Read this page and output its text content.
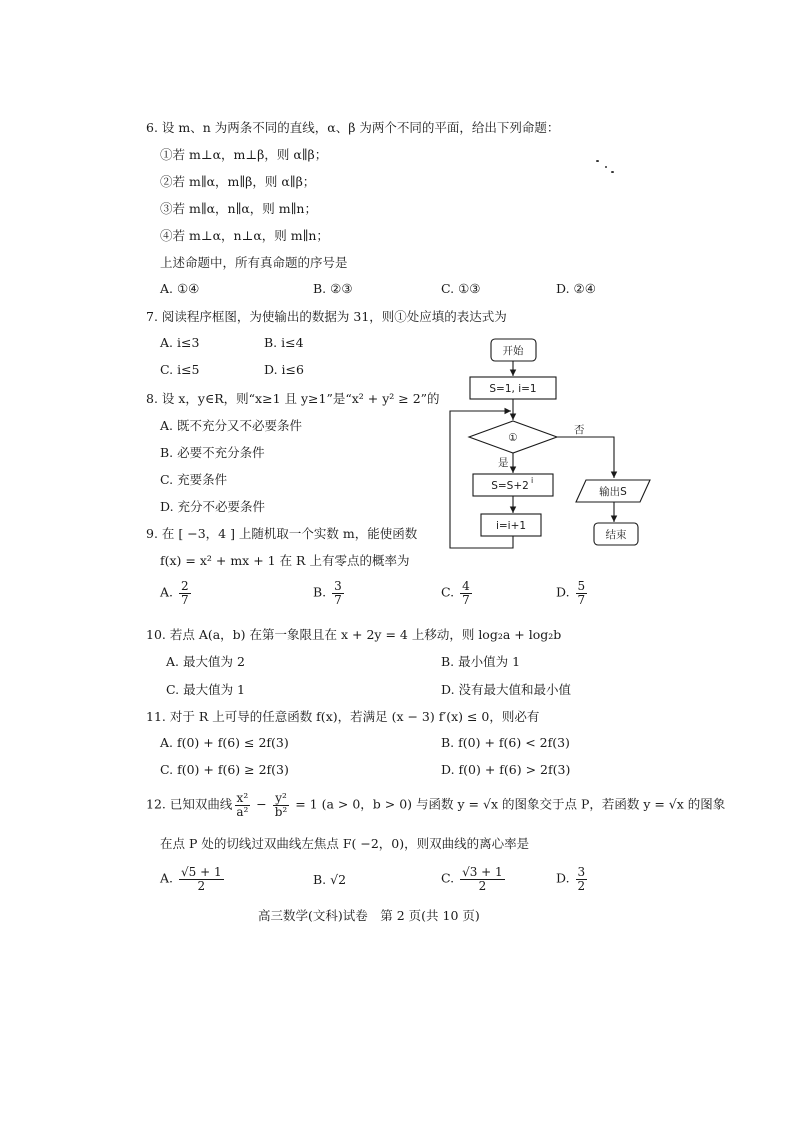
6. 设 m、n 为两条不同的直线，α、β 为两个不同的平面，给出下列命题：
①若 m⊥α，m⊥β，则 α∥β；
②若 m∥α，m∥β，则 α∥β；
③若 m∥α，n∥α，则 m∥n；
④若 m⊥α，n⊥α，则 m∥n；
上述命题中，所有真命题的序号是
A. ①④	B. ②③	C. ①③	D. ②④
7. 阅读程序框图，为使输出的数据为 31，则①处应填的表达式为
A. i≤3	B. i≤4
C. i≤5	D. i≤6
8. 设 x，y∈R，则“x≥1 且 y≥1”是“x² + y² ≥ 2”的
A. 既不充分又不必要条件
B. 必要不充分条件
C. 充要条件
D. 充分不必要条件
9. 在 [ −3，4 ] 上随机取一个实数 m，能使函数
f(x) = x² + mx + 1 在 R 上有零点的概率为
A. $\frac{2}{7}$	B. $\frac{3}{7}$	C. $\frac{4}{7}$	D. $\frac{5}{7}$
10. 若点 A(a，b) 在第一象限且在 x + 2y = 4 上移动，则 log₂a + log₂b
A. 最大值为 2	B. 最小值为 1
C. 最大值为 1	D. 没有最大值和最小值
11. 对于 R 上可导的任意函数 f(x)，若满足 (x − 3) f′(x) ≤ 0，则必有
A. f(0) + f(6) ≤ 2f(3)	B. f(0) + f(6) < 2f(3)
C. f(0) + f(6) ≥ 2f(3)	D. f(0) + f(6) > 2f(3)
12. 已知双曲线 $\frac{\text{x²}}{\text{a²}} - \frac{\text{y²}}{\text{b²}} = 1$ (a > 0，b > 0) 与函数 y = √x 的图象交于点 P，若函数 y = √x 的图象
在点 P 处的切线过双曲线左焦点 F( −2，0)，则双曲线的离心率是
A. $\frac{√5 + 1}{2}$	B. √2	C. $\frac{√3 + 1}{2}$	D. $\frac{3}{2}$
高三数学(文科)试卷　第 2 页(共 10 页)
开始
S=1, i=1
①
否
是
S=S+2 i
i=i+1
输出S
结束
